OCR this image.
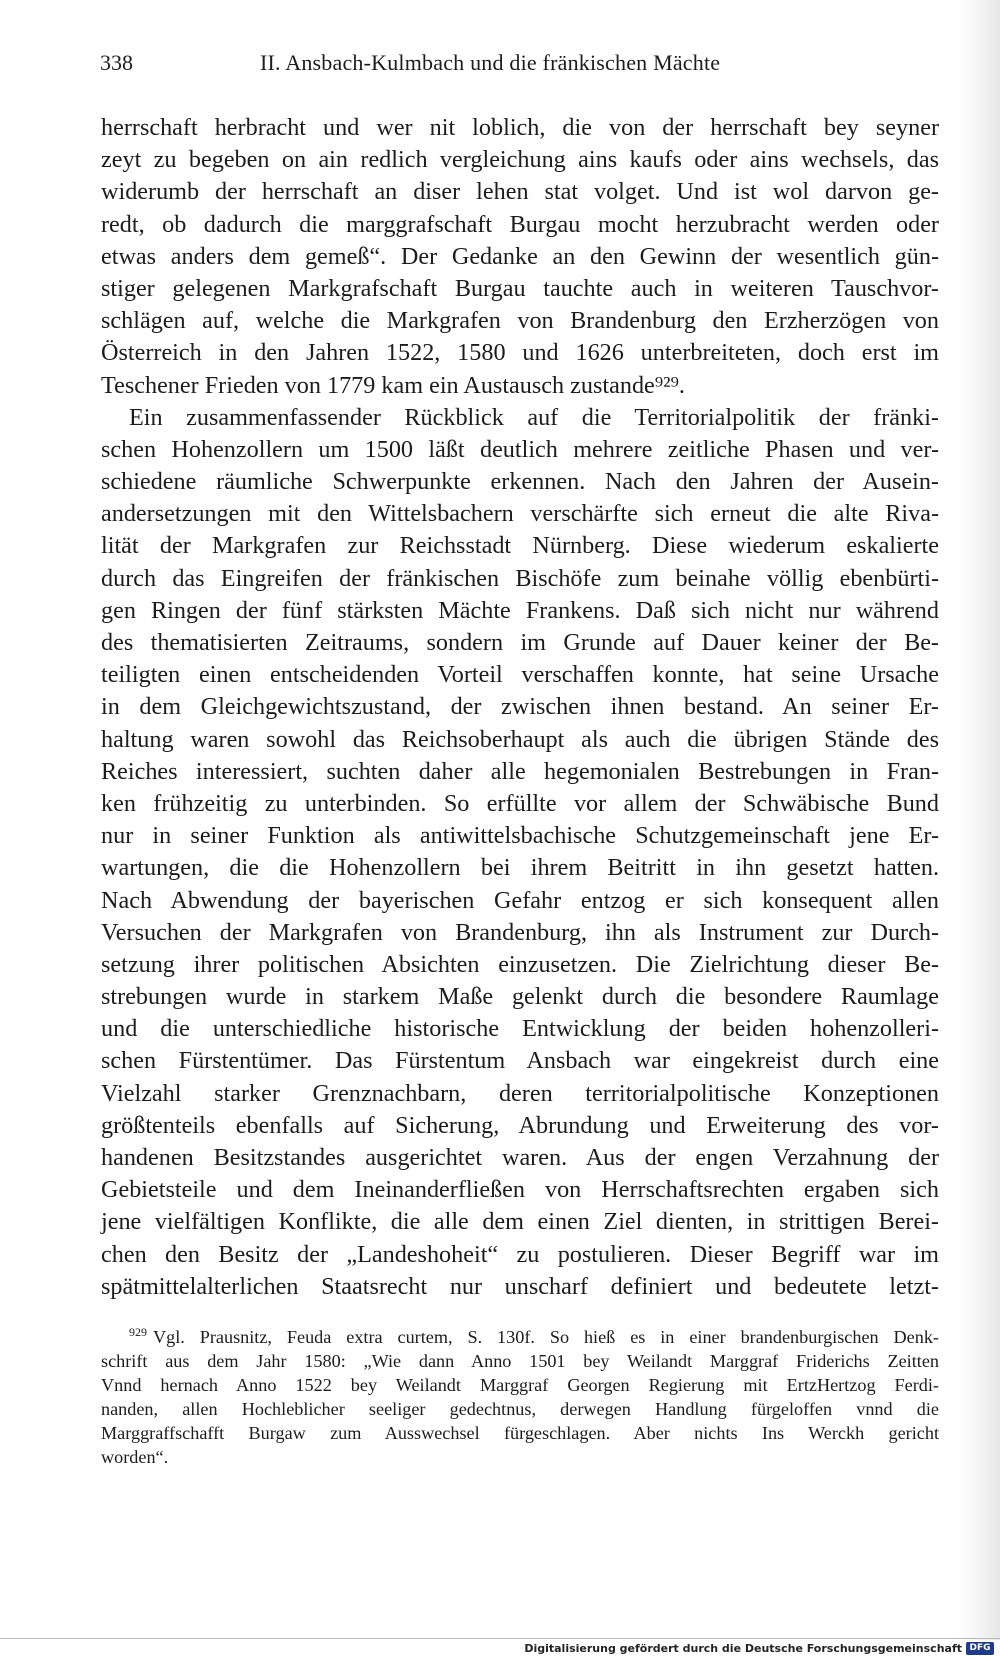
338	II. Ansbach-Kulmbach und die fränkischen Mächte
herrschaft herbracht und wer nit loblich, die von der herrschaft bey seyner
zeyt zu begeben on ain redlich vergleichung ains kaufs oder ains wechsels, das
widerumb der herrschaft an diser lehen stat volget. Und ist wol darvon ge-
redt, ob dadurch die marggrafschaft Burgau mocht herzubracht werden oder
etwas anders dem gemeß“. Der Gedanke an den Gewinn der wesentlich gün-
stiger gelegenen Markgrafschaft Burgau tauchte auch in weiteren Tauschvor-
schlägen auf, welche die Markgrafen von Brandenburg den Erzherzögen von
Österreich in den Jahren 1522, 1580 und 1626 unterbreiteten, doch erst im
Teschener Frieden von 1779 kam ein Austausch zustande⁹²⁹.
Ein zusammenfassender Rückblick auf die Territorialpolitik der fränki-
schen Hohenzollern um 1500 läßt deutlich mehrere zeitliche Phasen und ver-
schiedene räumliche Schwerpunkte erkennen. Nach den Jahren der Ausein-
andersetzungen mit den Wittelsbachern verschärfte sich erneut die alte Riva-
lität der Markgrafen zur Reichsstadt Nürnberg. Diese wiederum eskalierte
durch das Eingreifen der fränkischen Bischöfe zum beinahe völlig ebenbürti-
gen Ringen der fünf stärksten Mächte Frankens. Daß sich nicht nur während
des thematisierten Zeitraums, sondern im Grunde auf Dauer keiner der Be-
teiligten einen entscheidenden Vorteil verschaffen konnte, hat seine Ursache
in dem Gleichgewichtszustand, der zwischen ihnen bestand. An seiner Er-
haltung waren sowohl das Reichsoberhaupt als auch die übrigen Stände des
Reiches interessiert, suchten daher alle hegemonialen Bestrebungen in Fran-
ken frühzeitig zu unterbinden. So erfüllte vor allem der Schwäbische Bund
nur in seiner Funktion als antiwittelsbachische Schutzgemeinschaft jene Er-
wartungen, die die Hohenzollern bei ihrem Beitritt in ihn gesetzt hatten.
Nach Abwendung der bayerischen Gefahr entzog er sich konsequent allen
Versuchen der Markgrafen von Brandenburg, ihn als Instrument zur Durch-
setzung ihrer politischen Absichten einzusetzen. Die Zielrichtung dieser Be-
strebungen wurde in starkem Maße gelenkt durch die besondere Raumlage
und die unterschiedliche historische Entwicklung der beiden hohenzolleri-
schen Fürstentümer. Das Fürstentum Ansbach war eingekreist durch eine
Vielzahl starker Grenznachbarn, deren territorialpolitische Konzeptionen
größtenteils ebenfalls auf Sicherung, Abrundung und Erweiterung des vor-
handenen Besitzstandes ausgerichtet waren. Aus der engen Verzahnung der
Gebietsteile und dem Ineinanderfließen von Herrschaftsrechten ergaben sich
jene vielfältigen Konflikte, die alle dem einen Ziel dienten, in strittigen Berei-
chen den Besitz der „Landeshoheit“ zu postulieren. Dieser Begriff war im
spätmittelalterlichen Staatsrecht nur unscharf definiert und bedeutete letzt-
$^{929}$ Vgl. Prausnitz, Feuda extra curtem, S. 130f. So hieß es in einer brandenburgischen Denk-
schrift aus dem Jahr 1580: „Wie dann Anno 1501 bey Weilandt Marggraf Friderichs Zeitten
Vnnd hernach Anno 1522 bey Weilandt Marggraf Georgen Regierung mit ErtzHertzog Ferdi-
nanden, allen Hochleblicher seeliger gedechtnus, derwegen Handlung fürgeloffen vnnd die
Marggraffschafft Burgaw zum Ausswechsel fürgeschlagen. Aber nichts Ins Werckh gericht
worden“.
Digitalisierung gefördert durch die Deutsche Forschungsgemeinschaft DFG
